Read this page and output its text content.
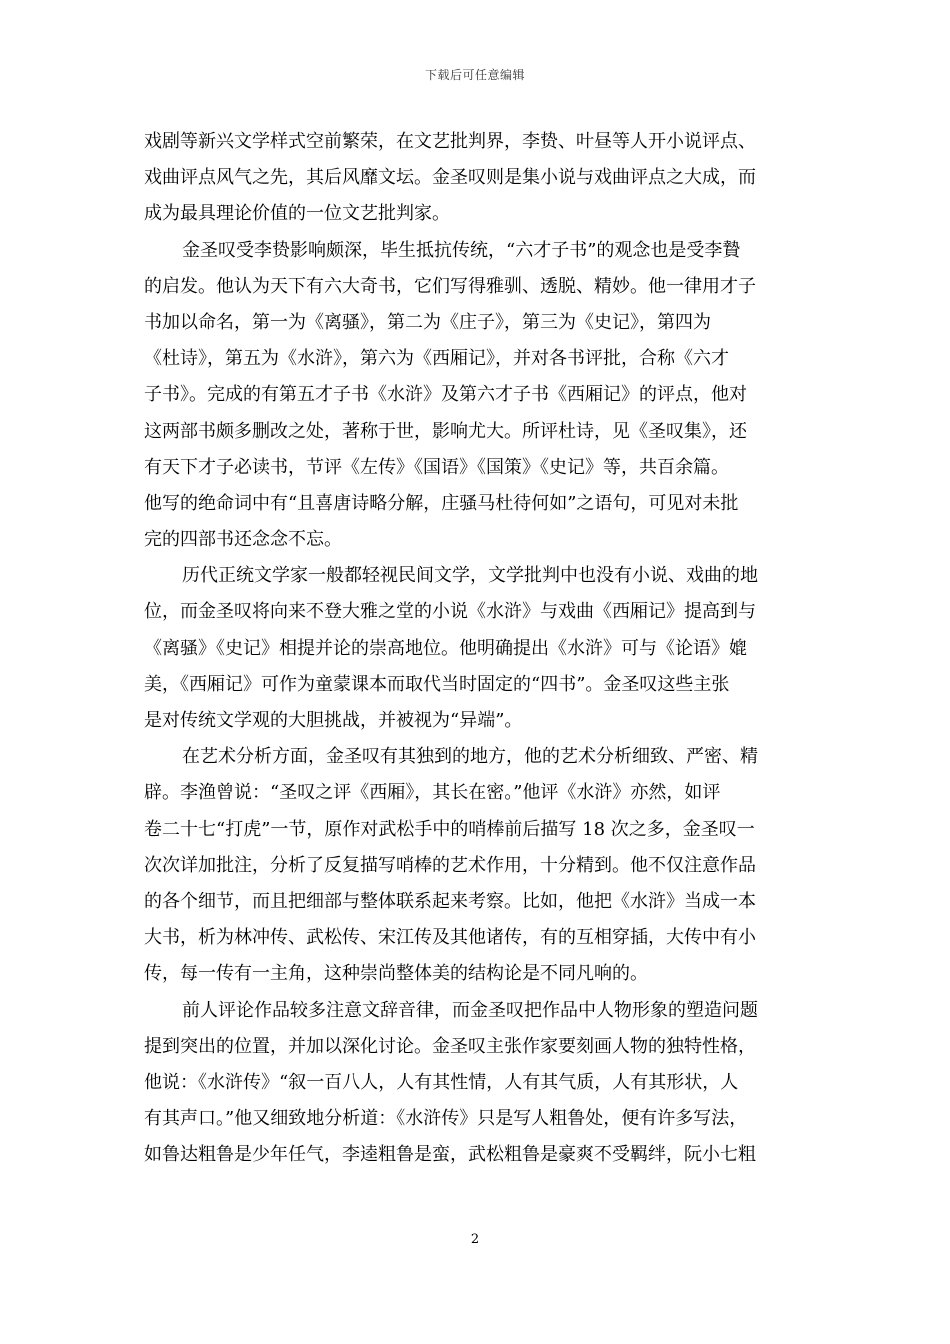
下载后可任意编辑

戏剧等新兴文学样式空前繁荣，在文艺批判界，李贽、叶昼等人开小说评点、
戏曲评点风气之先，其后风靡文坛。金圣叹则是集小说与戏曲评点之大成，而
成为最具理论价值的一位文艺批判家。

金圣叹受李贽影响颇深，毕生抵抗传统，“六才子书”的观念也是受李贄
的启发。他认为天下有六大奇书，它们写得雅驯、透脱、精妙。他一律用才子
书加以命名，第一为《离骚》，第二为《庄子》，第三为《史记》，第四为
《杜诗》，第五为《水浒》，第六为《西厢记》，并对各书评批，合称《六才
子书》。完成的有第五才子书《水浒》及第六才子书《西厢记》的评点，他对
这两部书颇多删改之处，著称于世，影响尤大。所评杜诗，见《圣叹集》，还
有天下才子必读书，节评《左传》《国语》《国策》《史记》等，共百余篇。
他写的绝命词中有“且喜唐诗略分解，庄骚马杜待何如”之语句，可见对未批
完的四部书还念念不忘。

历代正统文学家一般都轻视民间文学，文学批判中也没有小说、戏曲的地
位，而金圣叹将向来不登大雅之堂的小说《水浒》与戏曲《西厢记》提高到与
《离骚》《史记》相提并论的崇高地位。他明确提出《水浒》可与《论语》媲
美，《西厢记》可作为童蒙课本而取代当时固定的“四书”。金圣叹这些主张
是对传统文学观的大胆挑战，并被视为“异端”。

在艺术分析方面，金圣叹有其独到的地方，他的艺术分析细致、严密、精
辟。李渔曾说：“圣叹之评《西厢》，其长在密。”他评《水浒》亦然，如评
卷二十七“打虎”一节，原作对武松手中的哨棒前后描写 18 次之多，金圣叹一
次次详加批注，分析了反复描写哨棒的艺术作用，十分精到。他不仅注意作品
的各个细节，而且把细部与整体联系起来考察。比如，他把《水浒》当成一本
大书，析为林冲传、武松传、宋江传及其他诸传，有的互相穿插，大传中有小
传，每一传有一主角，这种崇尚整体美的结构论是不同凡响的。

前人评论作品较多注意文辞音律，而金圣叹把作品中人物形象的塑造问题
提到突出的位置，并加以深化讨论。金圣叹主张作家要刻画人物的独特性格，
他说：《水浒传》“叙一百八人，人有其性情，人有其气质，人有其形状，人
有其声口。”他又细致地分析道：《水浒传》只是写人粗鲁处，便有许多写法，
如鲁达粗鲁是少年任气，李逵粗鲁是蛮，武松粗鲁是豪爽不受羁绊，阮小七粗

2
